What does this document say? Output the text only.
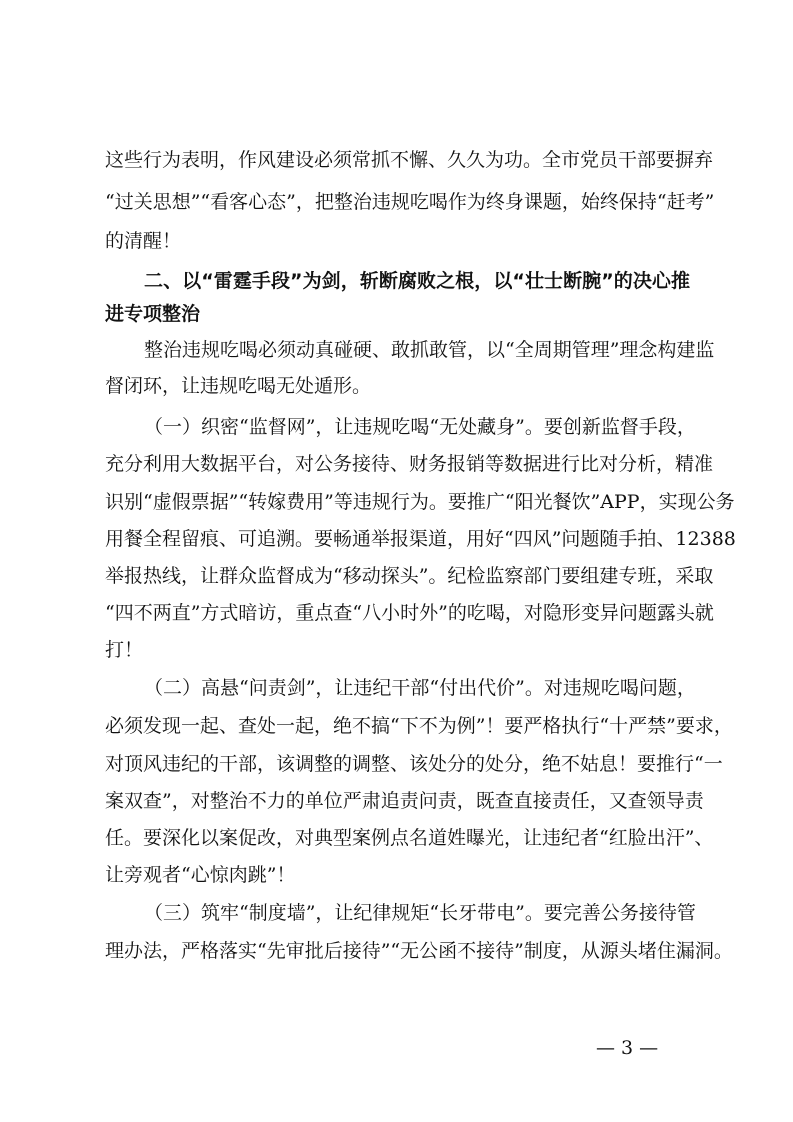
这些行为表明，作风建设必须常抓不懈、久久为功。全市党员干部要摒弃
“过关思想”“看客心态”，把整治违规吃喝作为终身课题，始终保持“赶考”
的清醒！
二、以“雷霆手段”为剑，斩断腐败之根，以“壮士断腕”的决心推
进专项整治
整治违规吃喝必须动真碰硬、敢抓敢管，以“全周期管理”理念构建监
督闭环，让违规吃喝无处遁形。
（一）织密“监督网”，让违规吃喝“无处藏身”。要创新监督手段，
充分利用大数据平台，对公务接待、财务报销等数据进行比对分析，精准
识别“虚假票据”“转嫁费用”等违规行为。要推广“阳光餐饮”APP，实现公务
用餐全程留痕、可追溯。要畅通举报渠道，用好“四风”问题随手拍、12388
举报热线，让群众监督成为“移动探头”。纪检监察部门要组建专班，采取
“四不两直”方式暗访，重点查“八小时外”的吃喝，对隐形变异问题露头就
打！
（二）高悬“问责剑”，让违纪干部“付出代价”。对违规吃喝问题，
必须发现一起、查处一起，绝不搞“下不为例”！要严格执行“十严禁”要求，
对顶风违纪的干部，该调整的调整、该处分的处分，绝不姑息！要推行“一
案双查”，对整治不力的单位严肃追责问责，既查直接责任，又查领导责
任。要深化以案促改，对典型案例点名道姓曝光，让违纪者“红脸出汗”、
让旁观者“心惊肉跳”！
（三）筑牢“制度墙”，让纪律规矩“长牙带电”。要完善公务接待管
理办法，严格落实“先审批后接待”“无公函不接待”制度，从源头堵住漏洞。
— 3 —
